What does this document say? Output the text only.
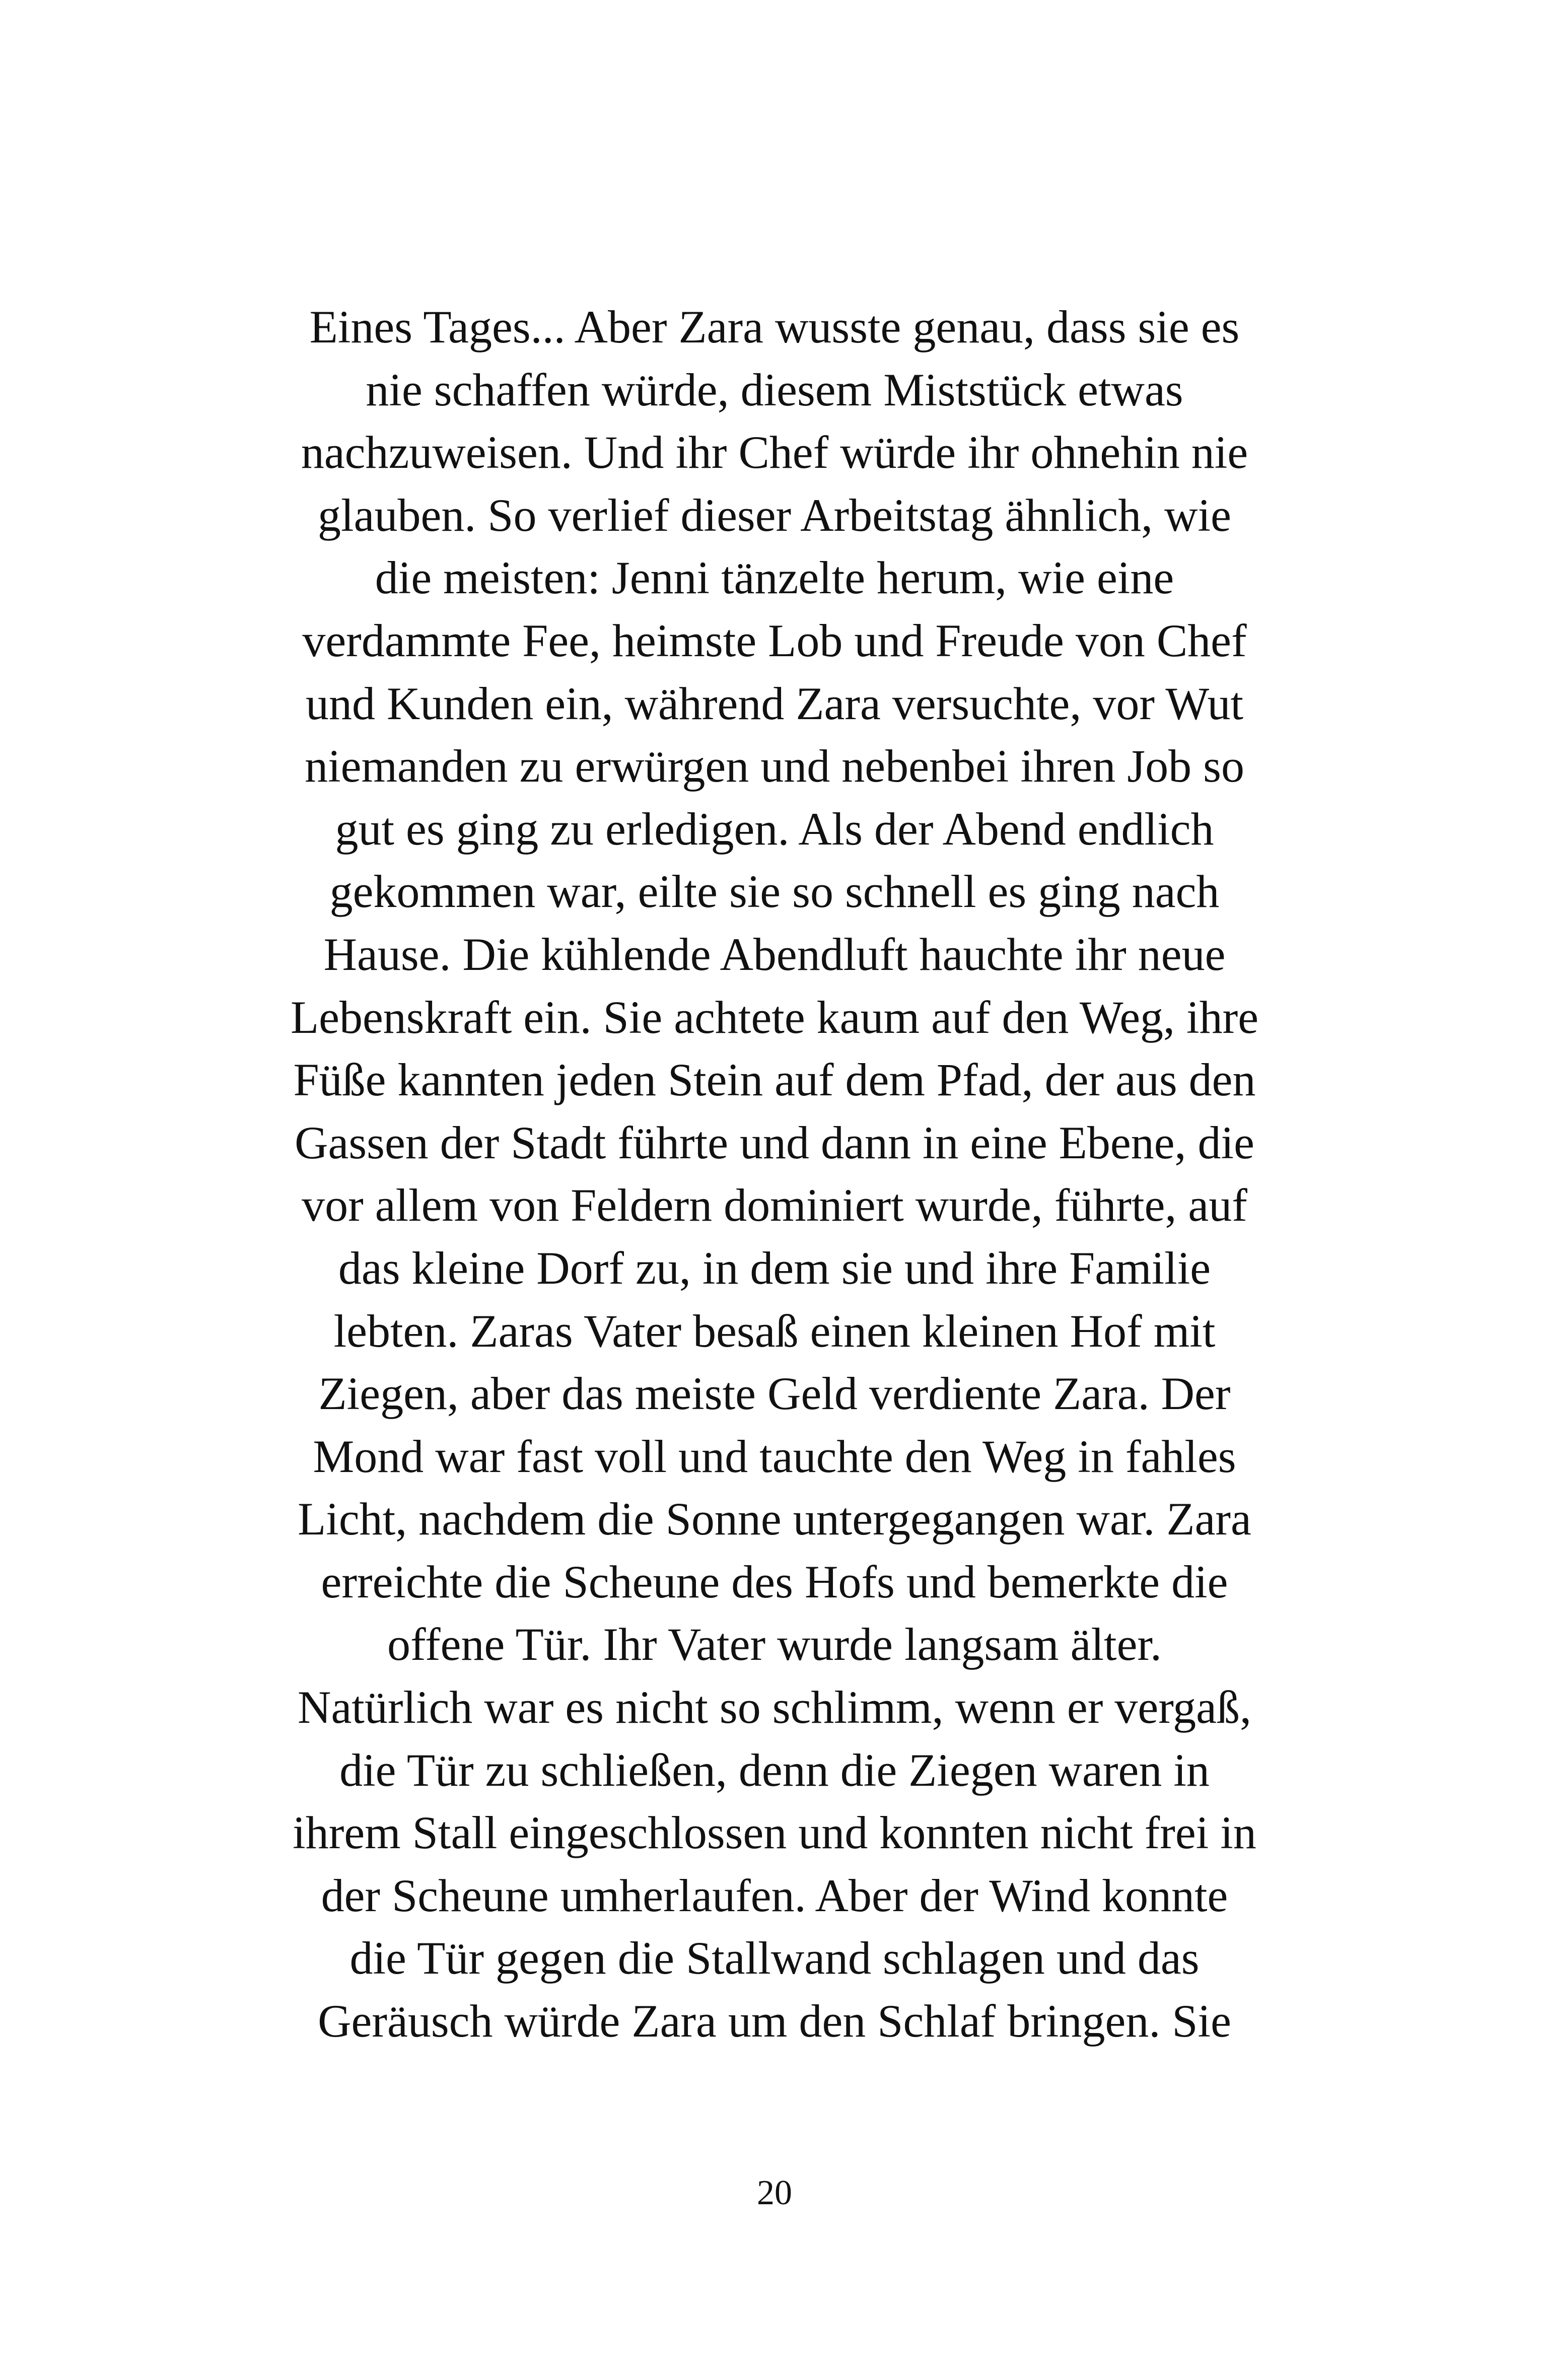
Eines Tages... Aber Zara wusste genau, dass sie es
nie schaffen würde, diesem Miststück etwas
nachzuweisen. Und ihr Chef würde ihr ohnehin nie
glauben. So verlief dieser Arbeitstag ähnlich, wie
die meisten: Jenni tänzelte herum, wie eine
verdammte Fee, heimste Lob und Freude von Chef
und Kunden ein, während Zara versuchte, vor Wut
niemanden zu erwürgen und nebenbei ihren Job so
gut es ging zu erledigen. Als der Abend endlich
gekommen war, eilte sie so schnell es ging nach
Hause. Die kühlende Abendluft hauchte ihr neue
Lebenskraft ein. Sie achtete kaum auf den Weg, ihre
Füße kannten jeden Stein auf dem Pfad, der aus den
Gassen der Stadt führte und dann in eine Ebene, die
vor allem von Feldern dominiert wurde, führte, auf
das kleine Dorf zu, in dem sie und ihre Familie
lebten. Zaras Vater besaß einen kleinen Hof mit
Ziegen, aber das meiste Geld verdiente Zara. Der
Mond war fast voll und tauchte den Weg in fahles
Licht, nachdem die Sonne untergegangen war. Zara
erreichte die Scheune des Hofs und bemerkte die
offene Tür. Ihr Vater wurde langsam älter.
Natürlich war es nicht so schlimm, wenn er vergaß,
die Tür zu schließen, denn die Ziegen waren in
ihrem Stall eingeschlossen und konnten nicht frei in
der Scheune umherlaufen. Aber der Wind konnte
die Tür gegen die Stallwand schlagen und das
Geräusch würde Zara um den Schlaf bringen. Sie
20
